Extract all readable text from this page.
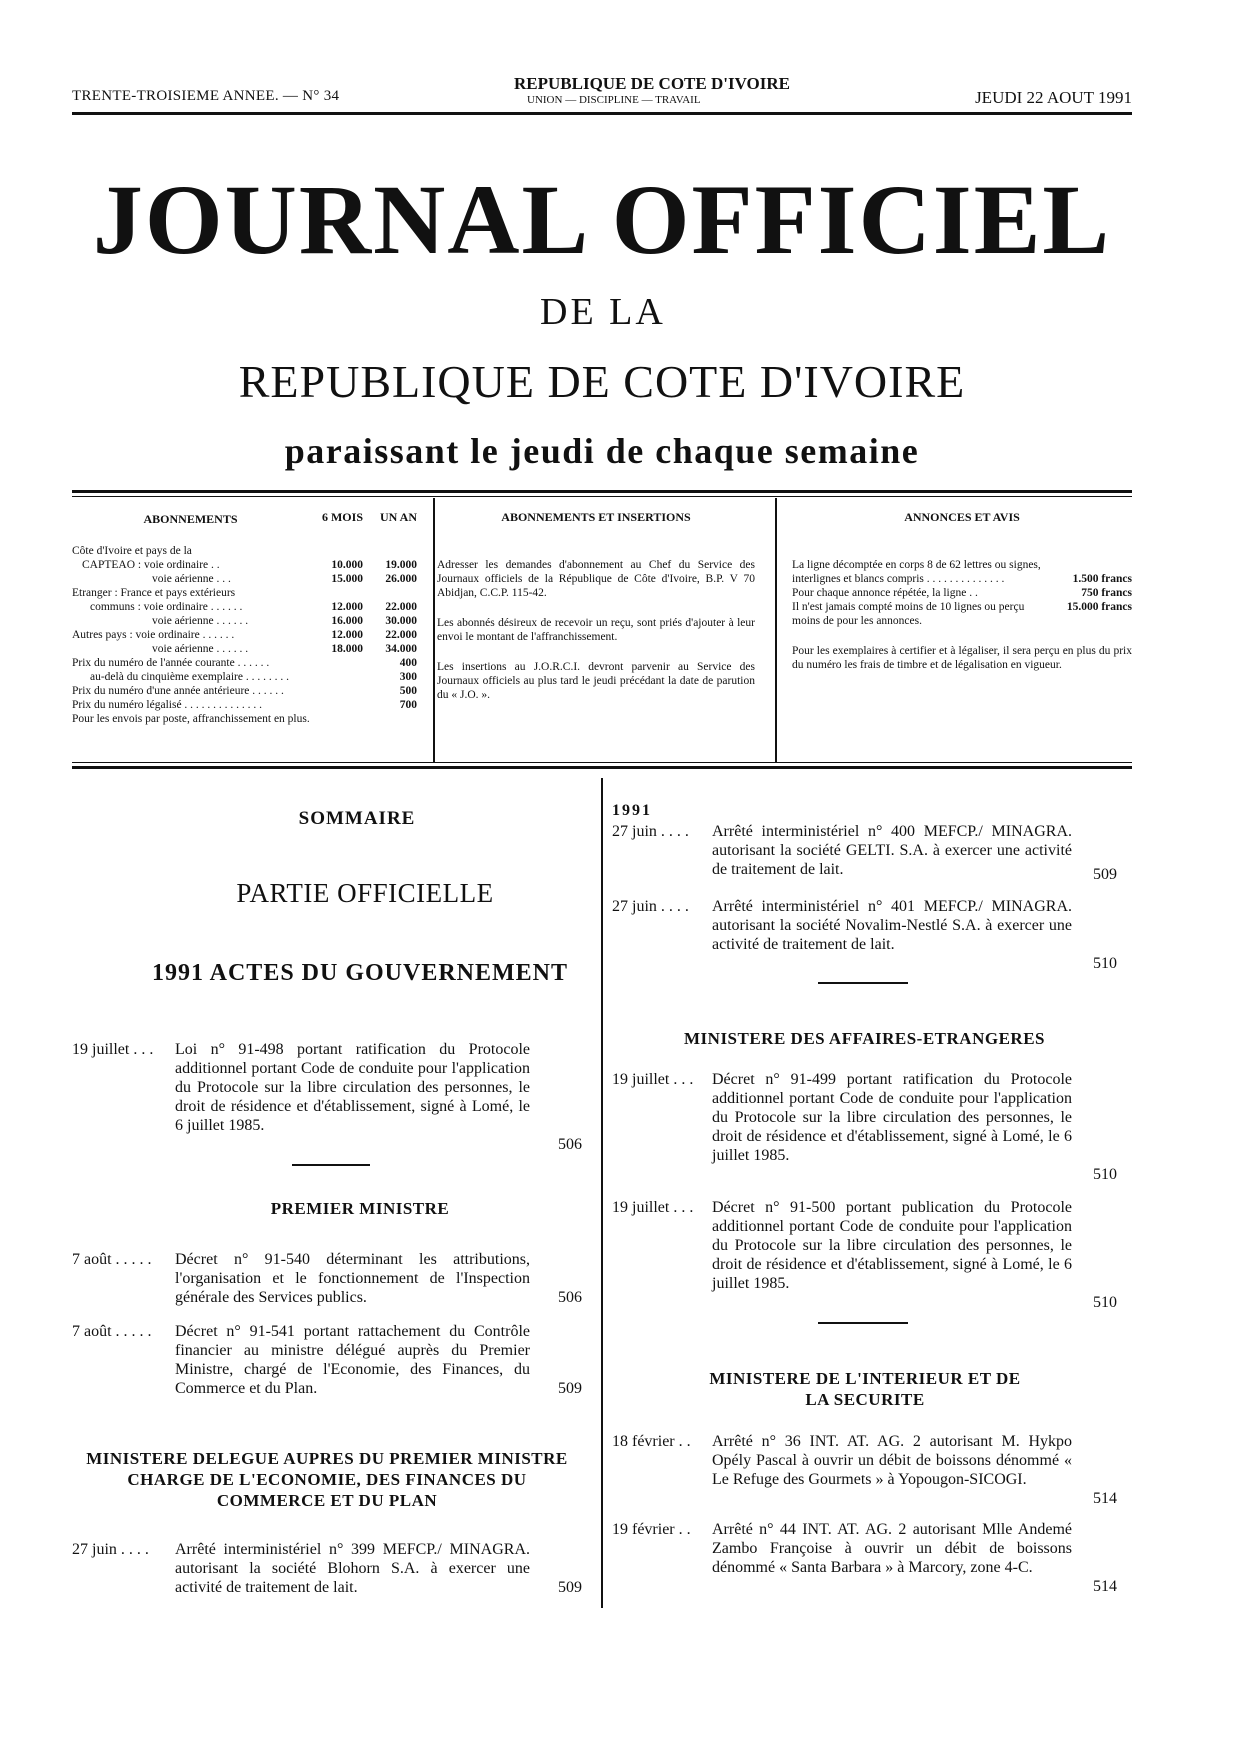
TRENTE-TROISIEME ANNEE. — N° 34
REPUBLIQUE DE COTE D'IVOIRE
UNION — DISCIPLINE — TRAVAIL	JEUDI 22 AOUT 1991
JOURNAL OFFICIEL
DE LA
REPUBLIQUE DE COTE D'IVOIRE
paraissant le jeudi de chaque semaine
ABONNEMENTS	6 MOIS	UN AN

Côte d'Ivoire et pays de la		
CAPTEAO : voie ordinaire . .	10.000	19.000
voie aérienne . . .	15.000	26.000
Etranger : France et pays extérieurs		
communs : voie ordinaire . . . . . .	12.000	22.000
voie aérienne . . . . . .	16.000	30.000
Autres pays : voie ordinaire . . . . . .	12.000	22.000
voie aérienne . . . . . .	18.000	34.000
Prix du numéro de l'année courante . . . . . .		400
au-delà du cinquième exemplaire . . . . . . . .		300
Prix du numéro d'une année antérieure . . . . . .		500
Prix du numéro légalisé . . . . . . . . . . . . . .		700
Pour les envois par poste, affranchissement en plus.		
ABONNEMENTS ET INSERTIONS
Adresser les demandes d'abonnement au Chef du Service des Journaux officiels de la République de Côte d'Ivoire, B.P. V 70 Abidjan, C.C.P. 115-42.
Les abonnés désireux de recevoir un reçu, sont priés d'ajouter à leur envoi le montant de l'affranchissement.
Les insertions au J.O.R.C.I. devront parvenir au Service des Journaux officiels au plus tard le jeudi précédant la date de parution du « J.O. ».
ANNONCES ET AVIS
La ligne décomptée en corps 8 de 62 lettres ou signes, interlignes et blancs compris . . . . . . . . . . . . . .	1.500 francs
Pour chaque annonce répétée, la ligne . .	750 francs
Il n'est jamais compté moins de 10 lignes ou perçu moins de pour les annonces.	15.000 francs
Pour les exemplaires à certifier et à légaliser, il sera perçu en plus du prix du numéro les frais de timbre et de légalisation en vigueur.
SOMMAIRE
PARTIE OFFICIELLE
1991 ACTES DU GOUVERNEMENT
19 juillet . . . Loi n° 91-498 portant ratification du Protocole additionnel portant Code de conduite pour l'application du Protocole sur la libre circulation des personnes, le droit de résidence et d'établissement, signé à Lomé, le 6 juillet 1985.
506
PREMIER MINISTRE
7 août . . . . . Décret n° 91-540 déterminant les attributions, l'organisation et le fonctionnement de l'Inspection générale des Services publics.	506
7 août . . . . . Décret n° 91-541 portant rattachement du Contrôle financier au ministre délégué auprès du Premier Ministre, chargé de l'Economie, des Finances, du Commerce et du Plan.	509
MINISTERE DELEGUE AUPRES DU PREMIER MINISTRE CHARGE DE L'ECONOMIE, DES FINANCES DU COMMERCE ET DU PLAN
27 juin . . . . Arrêté interministériel n° 399 MEFCP./ MINAGRA. autorisant la société Blohorn S.A. à exercer une activité de traitement de lait.	509
1991
27 juin . . . . Arrêté interministériel n° 400 MEFCP./ MINAGRA. autorisant la société GELTI. S.A. à exercer une activité de traitement de lait.	509
27 juin . . . . Arrêté interministériel n° 401 MEFCP./ MINAGRA. autorisant la société Novalim-Nestlé S.A. à exercer une activité de traitement de lait.
510
MINISTERE DES AFFAIRES-ETRANGERES
19 juillet . . . Décret n° 91-499 portant ratification du Protocole additionnel portant Code de conduite pour l'application du Protocole sur la libre circulation des personnes, le droit de résidence et d'établissement, signé à Lomé, le 6 juillet 1985.
510
19 juillet . . . Décret n° 91-500 portant publication du Protocole additionnel portant Code de conduite pour l'application du Protocole sur la libre circulation des personnes, le droit de résidence et d'établissement, signé à Lomé, le 6 juillet 1985.
510
MINISTERE DE L'INTERIEUR ET DE LA SECURITE
18 février . . Arrêté n° 36 INT. AT. AG. 2 autorisant M. Hykpo Opély Pascal à ouvrir un débit de boissons dénommé « Le Refuge des Gourmets » à Yopougon-SICOGI.
514
19 février . . Arrêté n° 44 INT. AT. AG. 2 autorisant Mlle Andemé Zambo Françoise à ouvrir un débit de boissons dénommé « Santa Barbara » à Marcory, zone 4-C.
514
